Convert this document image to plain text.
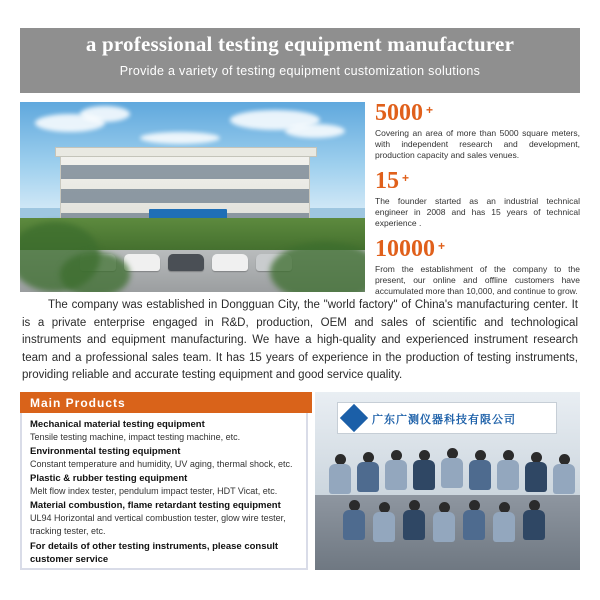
a professional testing equipment manufacturer
Provide a variety of testing equipment customization solutions
5000 +
Covering an area of more than 5000 square meters, with independent research and development, production capacity and sales venues.
15 +
The founder started as an industrial technical engineer in 2008 and has 15 years of technical experience .
10000 +
From the establishment of the company to the present, our online and offline customers have accumulated more than 10,000, and continue to grow.
The company was established in Dongguan City, the "world factory" of China's manufacturing center. It is a private enterprise engaged in R&D, production, OEM and sales of scientific and technological instruments and equipment manufacturing. We have a high-quality and experienced instrument research team and a professional sales team. It has 15 years of experience in the production of testing instruments, providing reliable and accurate testing equipment and good service quality.
Main Products
Mechanical material testing equipment
Tensile testing machine, impact testing machine, etc.
Environmental testing equipment
Constant temperature and humidity, UV aging, thermal shock, etc.
Plastic & rubber testing equipment
Melt flow index tester, pendulum impact tester, HDT Vicat, etc.
Material combustion, flame retardant testing equipment
UL94 Horizontal and vertical combustion tester, glow wire tester, tracking tester, etc.
For details of other testing instruments, please consult customer service
广东广测仪器科技有限公司
